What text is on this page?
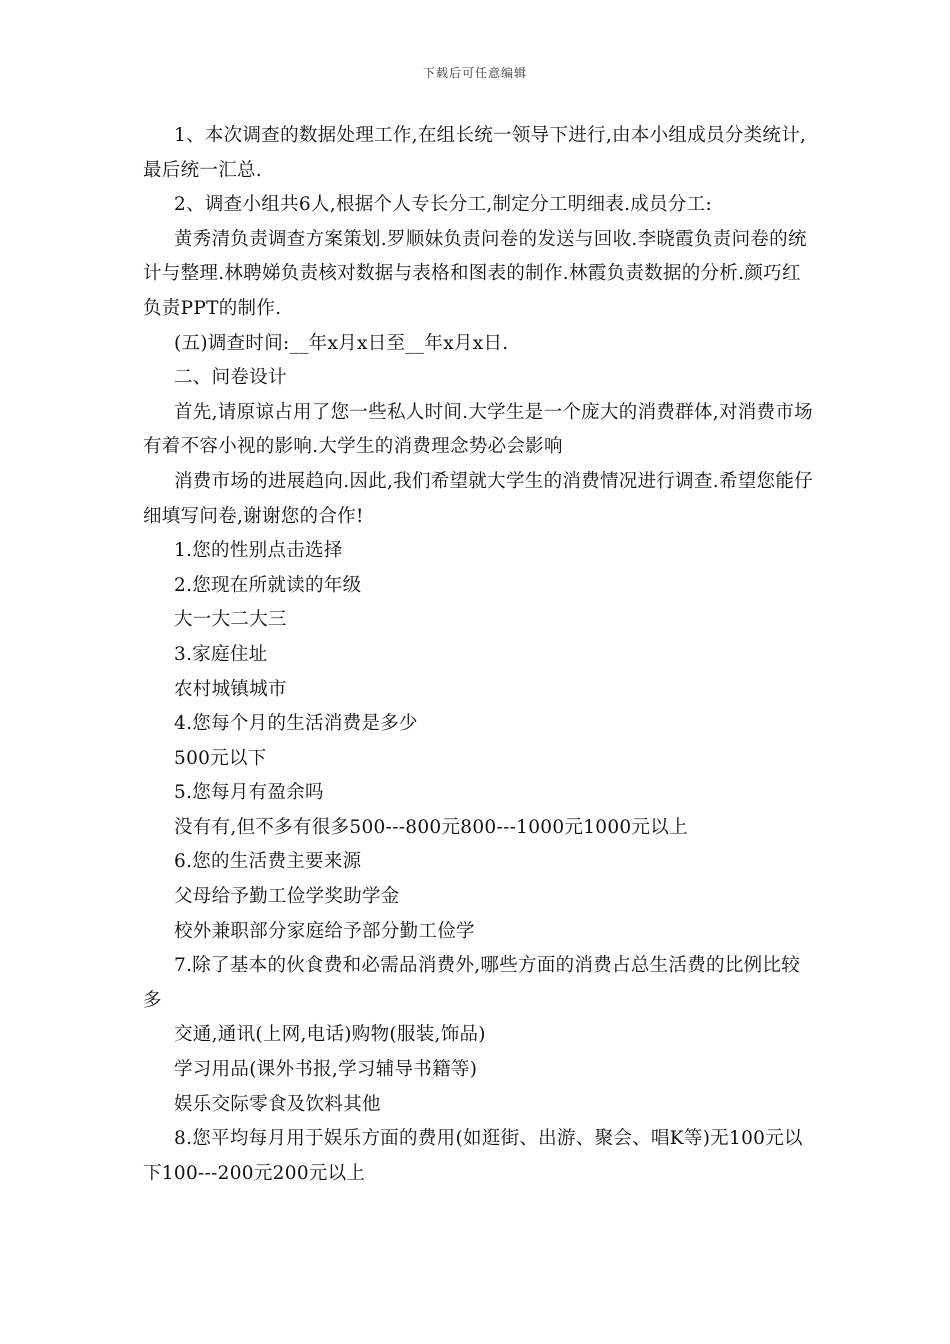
下载后可任意编辑

1、本次调查的数据处理工作,在组长统一领导下进行,由本小组成员分类统计,最后统一汇总.

2、调查小组共6人,根据个人专长分工,制定分工明细表.成员分工:

黄秀清负责调查方案策划.罗顺妹负责问卷的发送与回收.李晓霞负责问卷的统计与整理.林聘娣负责核对数据与表格和图表的制作.林霞负责数据的分析.颜巧红负责PPT的制作.

(五)调查时间:__年x月x日至__年x月x日.

二、问卷设计

首先,请原谅占用了您一些私人时间.大学生是一个庞大的消费群体,对消费市场有着不容小视的影响.大学生的消费理念势必会影响

消费市场的进展趋向.因此,我们希望就大学生的消费情况进行调查.希望您能仔细填写问卷,谢谢您的合作!

1.您的性别点击选择

2.您现在所就读的年级

大一大二大三

3.家庭住址

农村城镇城市

4.您每个月的生活消费是多少

500元以下

5.您每月有盈余吗

没有有,但不多有很多500---800元800---1000元1000元以上

6.您的生活费主要来源

父母给予勤工俭学奖助学金

校外兼职部分家庭给予部分勤工俭学

7.除了基本的伙食费和必需品消费外,哪些方面的消费占总生活费的比例比较多

交通,通讯(上网,电话)购物(服装,饰品)

学习用品(课外书报,学习辅导书籍等)

娱乐交际零食及饮料其他

8.您平均每月用于娱乐方面的费用(如逛街、出游、聚会、唱K等)无100元以下100---200元200元以上
